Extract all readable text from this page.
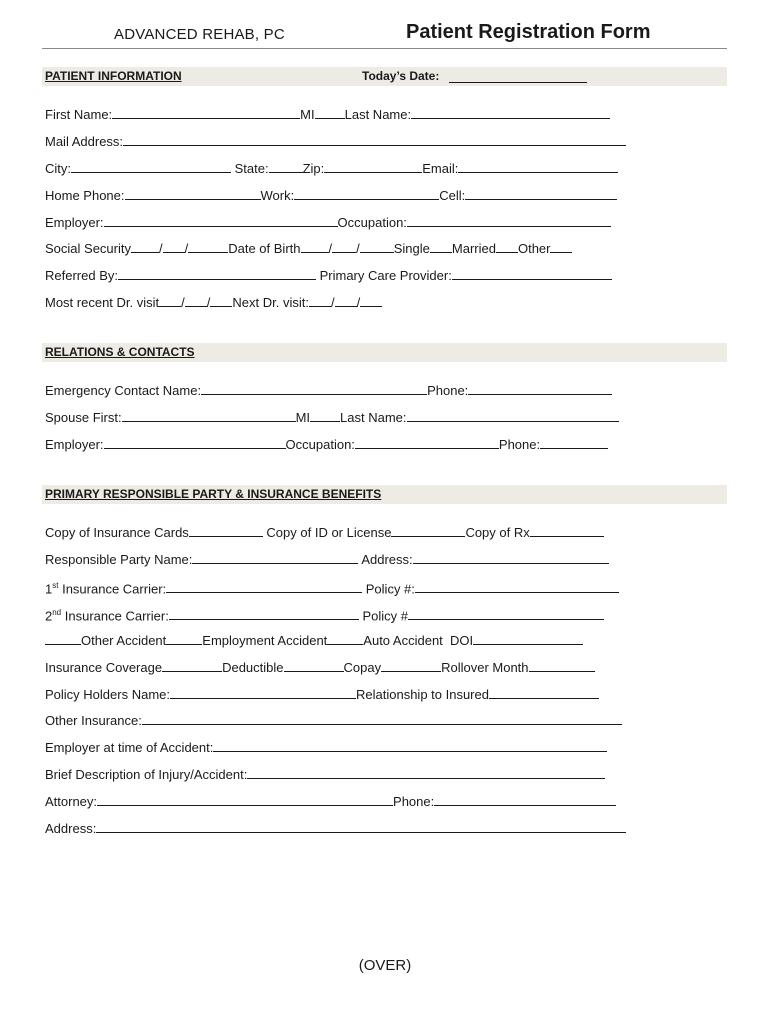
ADVANCED REHAB, PC	Patient Registration Form
PATIENT INFORMATION	Today’s Date:
First Name:	MI Last Name:
Mail Address:
City:	State:	Zip:	Email:
Home Phone:	Work:	Cell:
Employer:	Occupation:
Social Security / /	Date of Birth / /	Single Married Other
Referred By:	Primary Care Provider:
Most recent Dr. visit / / Next Dr. visit: / /
RELATIONS & CONTACTS
Emergency Contact Name:	Phone:
Spouse First:	MI Last Name:
Employer:	Occupation:	Phone:
PRIMARY RESPONSIBLE PARTY & INSURANCE BENEFITS
Copy of Insurance Cards	Copy of ID or License	Copy of Rx
Responsible Party Name:	Address:
1st Insurance Carrier:	Policy #:
2nd Insurance Carrier:	Policy #
Other Accident	Employment Accident	Auto Accident DOI
Insurance Coverage	Deductible	Copay	Rollover Month
Policy Holders Name:	Relationship to Insured
Other Insurance:
Employer at time of Accident:
Brief Description of Injury/Accident:
Attorney:	Phone:
Address:
(OVER)
